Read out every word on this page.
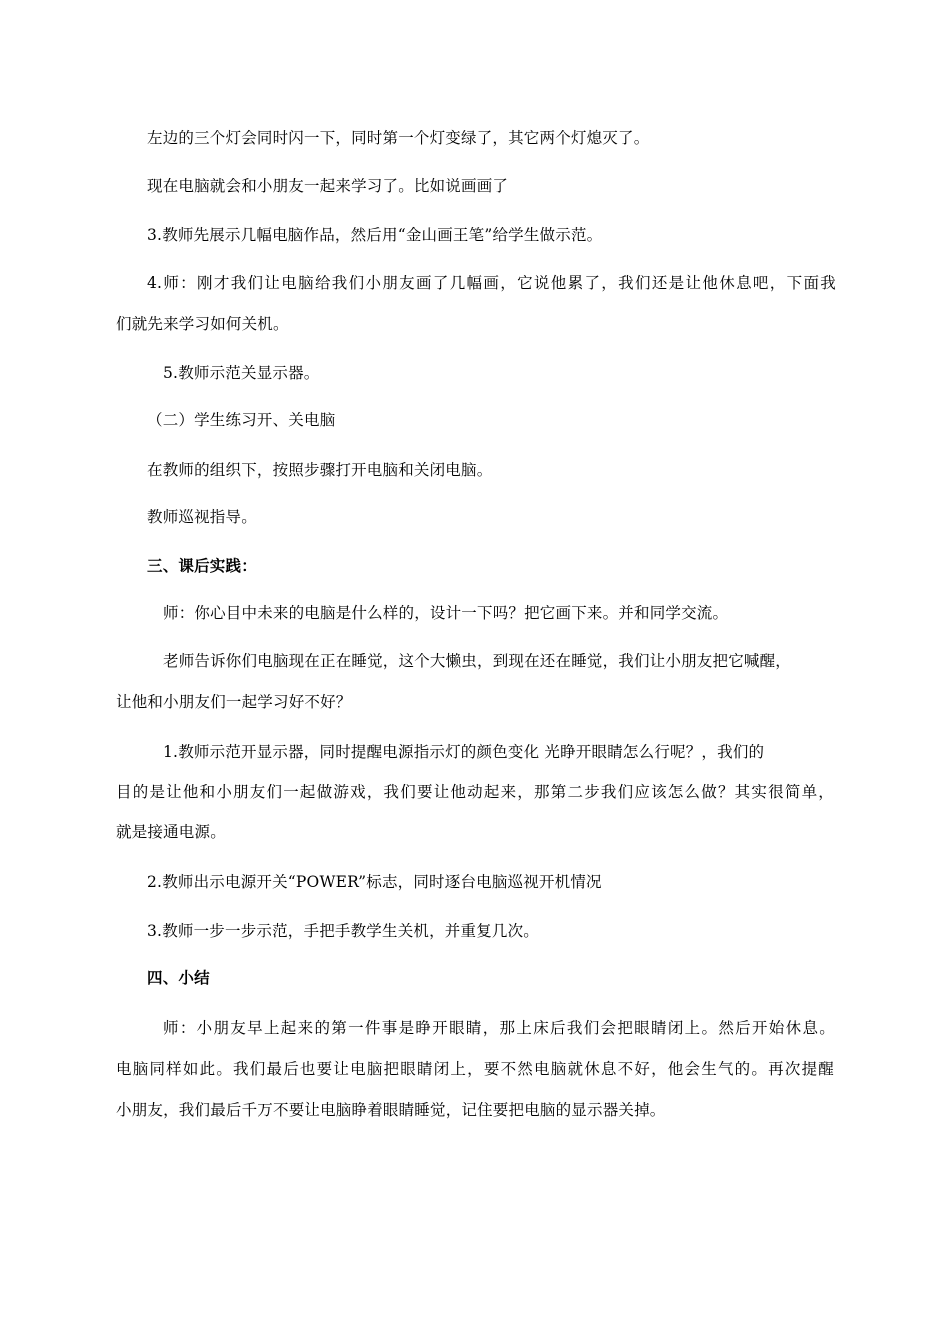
左边的三个灯会同时闪一下，同时第一个灯变绿了，其它两个灯熄灭了。
现在电脑就会和小朋友一起来学习了。比如说画画了
3.教师先展示几幅电脑作品，然后用“金山画王笔”给学生做示范。
4.师：刚才我们让电脑给我们小朋友画了几幅画，它说他累了，我们还是让他休息吧，下面我
们就先来学习如何关机。
5.教师示范关显示器。
（二）学生练习开、关电脑
在教师的组织下，按照步骤打开电脑和关闭电脑。
教师巡视指导。
三、课后实践：
师：你心目中未来的电脑是什么样的，设计一下吗？把它画下来。并和同学交流。
老师告诉你们电脑现在正在睡觉，这个大懒虫，到现在还在睡觉，我们让小朋友把它喊醒，
让他和小朋友们一起学习好不好？
1.教师示范开显示器，同时提醒电源指示灯的颜色变化 光睁开眼睛怎么行呢？，我们的
目的是让他和小朋友们一起做游戏，我们要让他动起来，那第二步我们应该怎么做？其实很简单，
就是接通电源。
2.教师出示电源开关“POWER”标志，同时逐台电脑巡视开机情况
3.教师一步一步示范，手把手教学生关机，并重复几次。
四、小结
师：小朋友早上起来的第一件事是睁开眼睛，那上床后我们会把眼睛闭上。然后开始休息。
电脑同样如此。我们最后也要让电脑把眼睛闭上，要不然电脑就休息不好，他会生气的。再次提醒
小朋友，我们最后千万不要让电脑睁着眼睛睡觉，记住要把电脑的显示器关掉。
